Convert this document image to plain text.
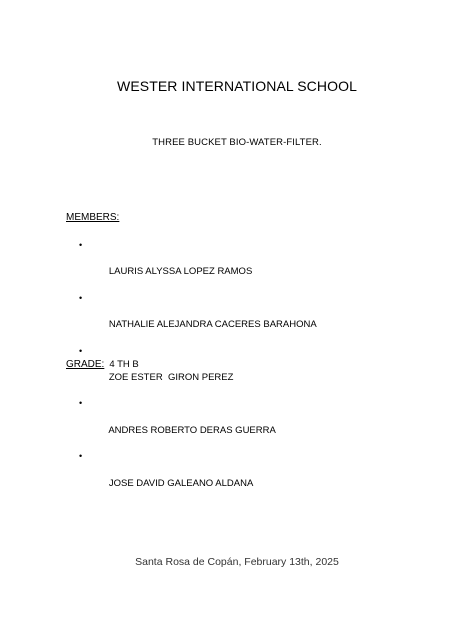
WESTER INTERNATIONAL SCHOOL
THREE BUCKET BIO-WATER-FILTER.
MEMBERS:

•

LAURIS ALYSSA LOPEZ RAMOS

•

NATHALIE ALEJANDRA CACERES BARAHONA

•

ZOE ESTER  GIRON PEREZ

•

ANDRES ROBERTO DERAS GUERRA

•

JOSE DAVID GALEANO ALDANA

GRADE: 4 TH B
Santa Rosa de Copán, February 13th, 2025
